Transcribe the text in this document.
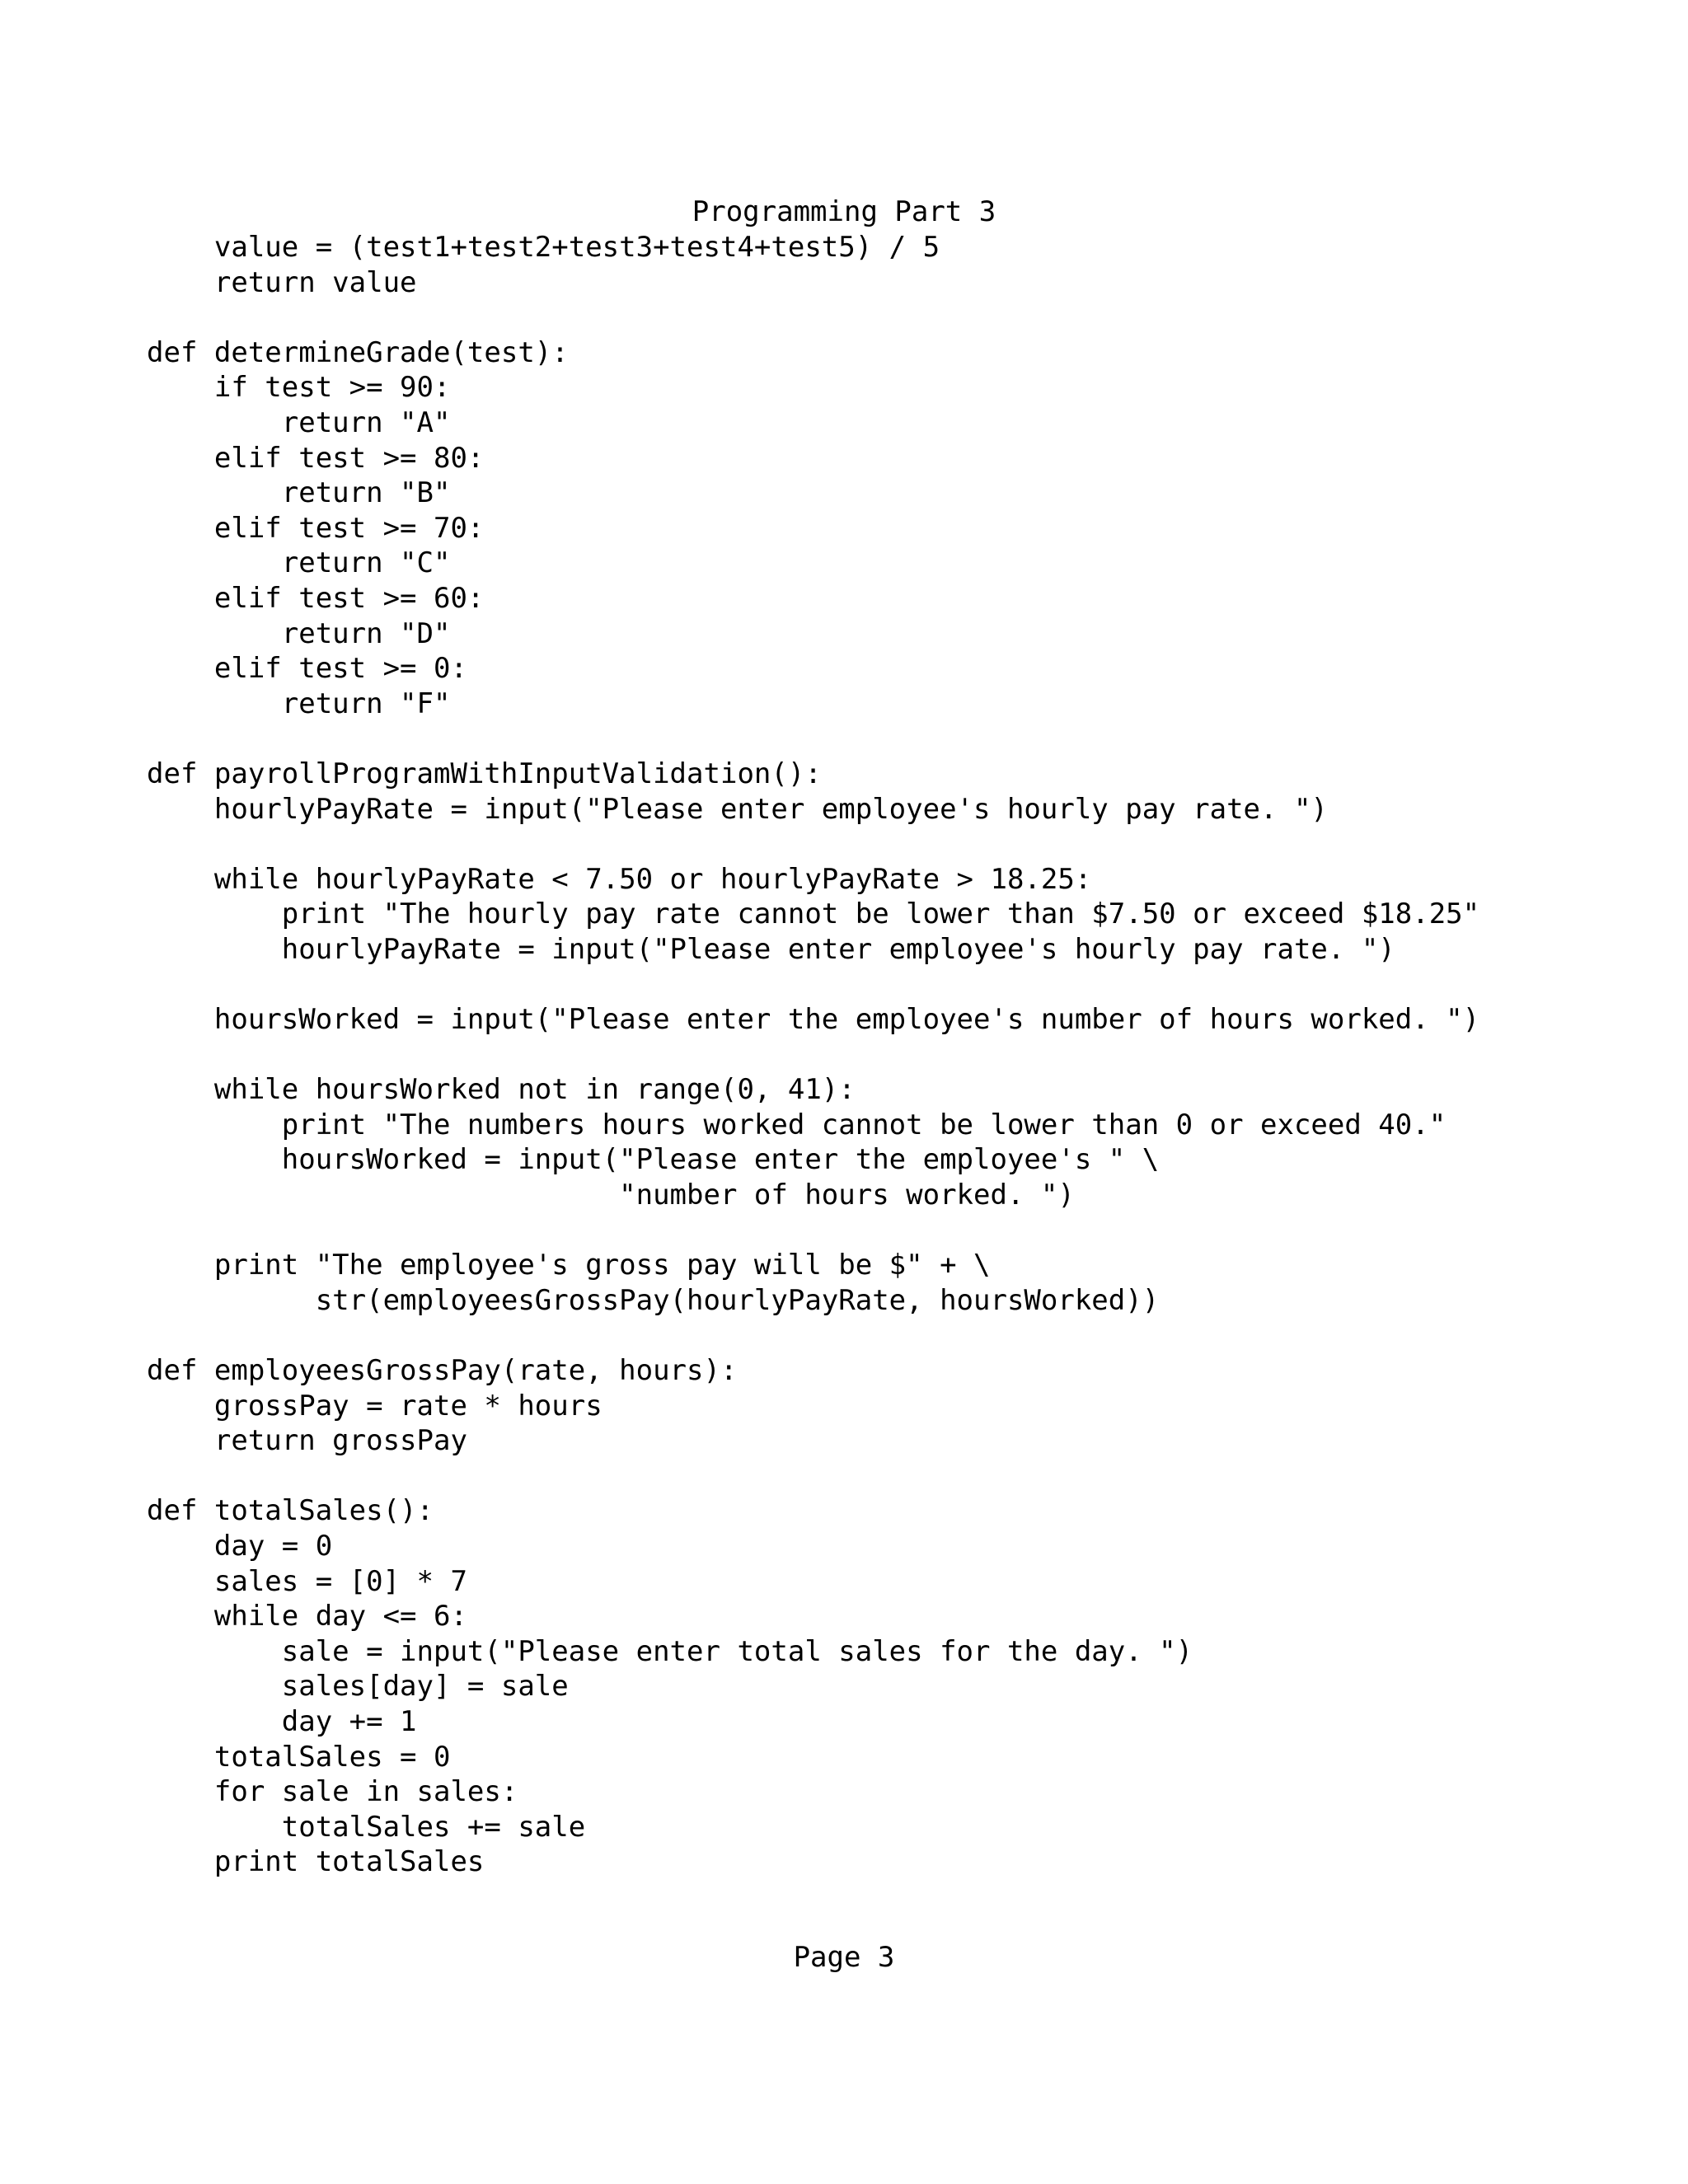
Programming Part 3
value = (test1+test2+test3+test4+test5) / 5
return value
def determineGrade(test):
if test >= 90:
return "A"
elif test >= 80:
return "B"
elif test >= 70:
return "C"
elif test >= 60:
return "D"
elif test >= 0:
return "F"
def payrollProgramWithInputValidation():
hourlyPayRate = input("Please enter employee's hourly pay rate. ")
while hourlyPayRate < 7.50 or hourlyPayRate > 18.25:
print "The hourly pay rate cannot be lower than $7.50 or exceed $18.25"
hourlyPayRate = input("Please enter employee's hourly pay rate. ")
hoursWorked = input("Please enter the employee's number of hours worked. ")
while hoursWorked not in range(0, 41):
print "The numbers hours worked cannot be lower than 0 or exceed 40."
hoursWorked = input("Please enter the employee's " \
"number of hours worked. ")
print "The employee's gross pay will be $" + \
str(employeesGrossPay(hourlyPayRate, hoursWorked))
def employeesGrossPay(rate, hours):
grossPay = rate * hours
return grossPay
def totalSales():
day = 0
sales = [0] * 7
while day <= 6:
sale = input("Please enter total sales for the day. ")
sales[day] = sale
day += 1
totalSales = 0
for sale in sales:
totalSales += sale
print totalSales
Page 3
